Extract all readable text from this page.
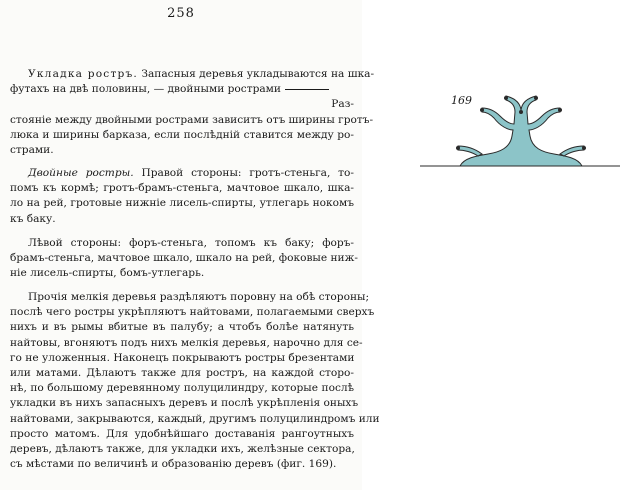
258
Укладка ростръ. Запасныя деревья укладываются на шка-
футахъ на двѣ половины, — двойными рострами
Раз-
стояніе между двойными рострами зависитъ отъ ширины гротъ-
люка и ширины барказа, если послѣдній ставится между ро-
страми.
Двойные ростры. Правой стороны: гротъ-стеньга, то-
помъ къ кормѣ; гротъ-брамъ-стеньга, мачтовое шкало, шка-
ло на рей, гротовые нижніе лисель-спирты, утлегарь нокомъ
къ баку.
Лѣвой стороны: форъ-стеньга, топомъ къ баку; форъ-
брамъ-стеньга, мачтовое шкало, шкало на рей, фоковые ниж-
ніе лисель-спирты, бомъ-утлегарь.
Прочія мелкія деревья раздѣляютъ поровну на обѣ стороны;
послѣ чего ростры укрѣпляютъ найтовами, полагаемыми сверхъ
нихъ и въ рымы вбитые въ палубу; а чтобъ болѣе натянуть
найтовы, вгоняютъ подъ нихъ мелкія деревья, нарочно для се-
го не уложенныя. Наконецъ покрываютъ ростры брезентами
или матами. Дѣлаютъ также для ростръ, на каждой сторо-
нѣ, по большому деревянному полуцилиндру, которые послѣ
укладки въ нихъ запасныхъ деревъ и послѣ укрѣпленія оныхъ
найтовами, закрываются, каждый, другимъ полуцилиндромъ или
просто матомъ. Для удобнѣйшаго доставанія рангоутныхъ
деревъ, дѣлаютъ также, для укладки ихъ, желѣзные сектора,
съ мѣстами по величинѣ и образованію деревъ (фиг. 169).
169
